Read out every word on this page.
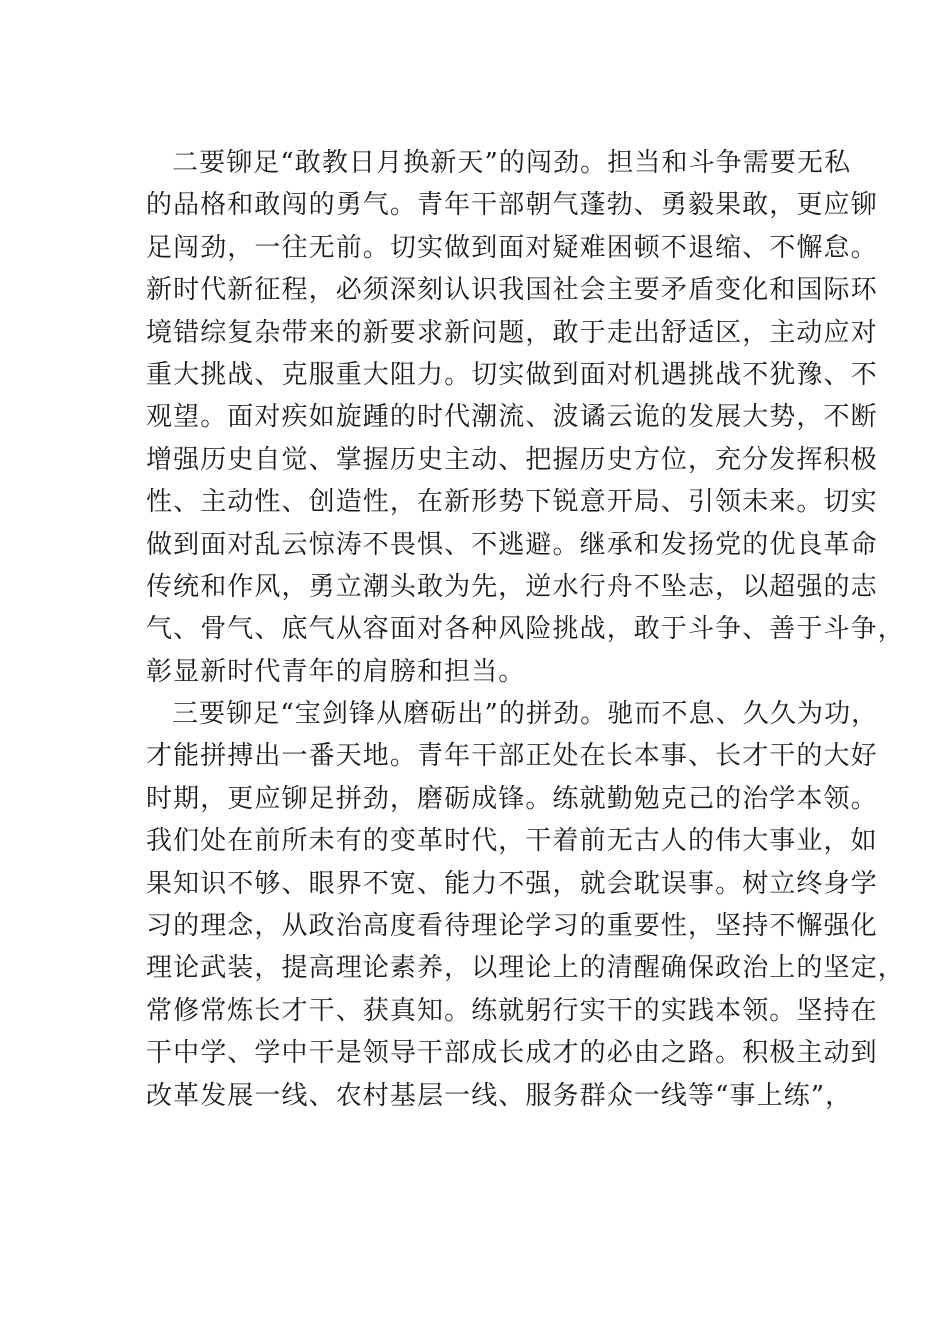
二要铆足“敢教日月换新天”的闯劲。担当和斗争需要无私
的品格和敢闯的勇气。青年干部朝气蓬勃、勇毅果敢，更应铆
足闯劲，一往无前。切实做到面对疑难困顿不退缩、不懈怠。
新时代新征程，必须深刻认识我国社会主要矛盾变化和国际环
境错综复杂带来的新要求新问题，敢于走出舒适区，主动应对
重大挑战、克服重大阻力。切实做到面对机遇挑战不犹豫、不
观望。面对疾如旋踵的时代潮流、波谲云诡的发展大势，不断
增强历史自觉、掌握历史主动、把握历史方位，充分发挥积极
性、主动性、创造性，在新形势下锐意开局、引领未来。切实
做到面对乱云惊涛不畏惧、不逃避。继承和发扬党的优良革命
传统和作风，勇立潮头敢为先，逆水行舟不坠志，以超强的志
气、骨气、底气从容面对各种风险挑战，敢于斗争、善于斗争，
彰显新时代青年的肩膀和担当。
三要铆足“宝剑锋从磨砺出”的拼劲。驰而不息、久久为功，
才能拼搏出一番天地。青年干部正处在长本事、长才干的大好
时期，更应铆足拼劲，磨砺成锋。练就勤勉克己的治学本领。
我们处在前所未有的变革时代，干着前无古人的伟大事业，如
果知识不够、眼界不宽、能力不强，就会耽误事。树立终身学
习的理念，从政治高度看待理论学习的重要性，坚持不懈强化
理论武装，提高理论素养，以理论上的清醒确保政治上的坚定，
常修常炼长才干、获真知。练就躬行实干的实践本领。坚持在
干中学、学中干是领导干部成长成才的必由之路。积极主动到
改革发展一线、农村基层一线、服务群众一线等“事上练”，
